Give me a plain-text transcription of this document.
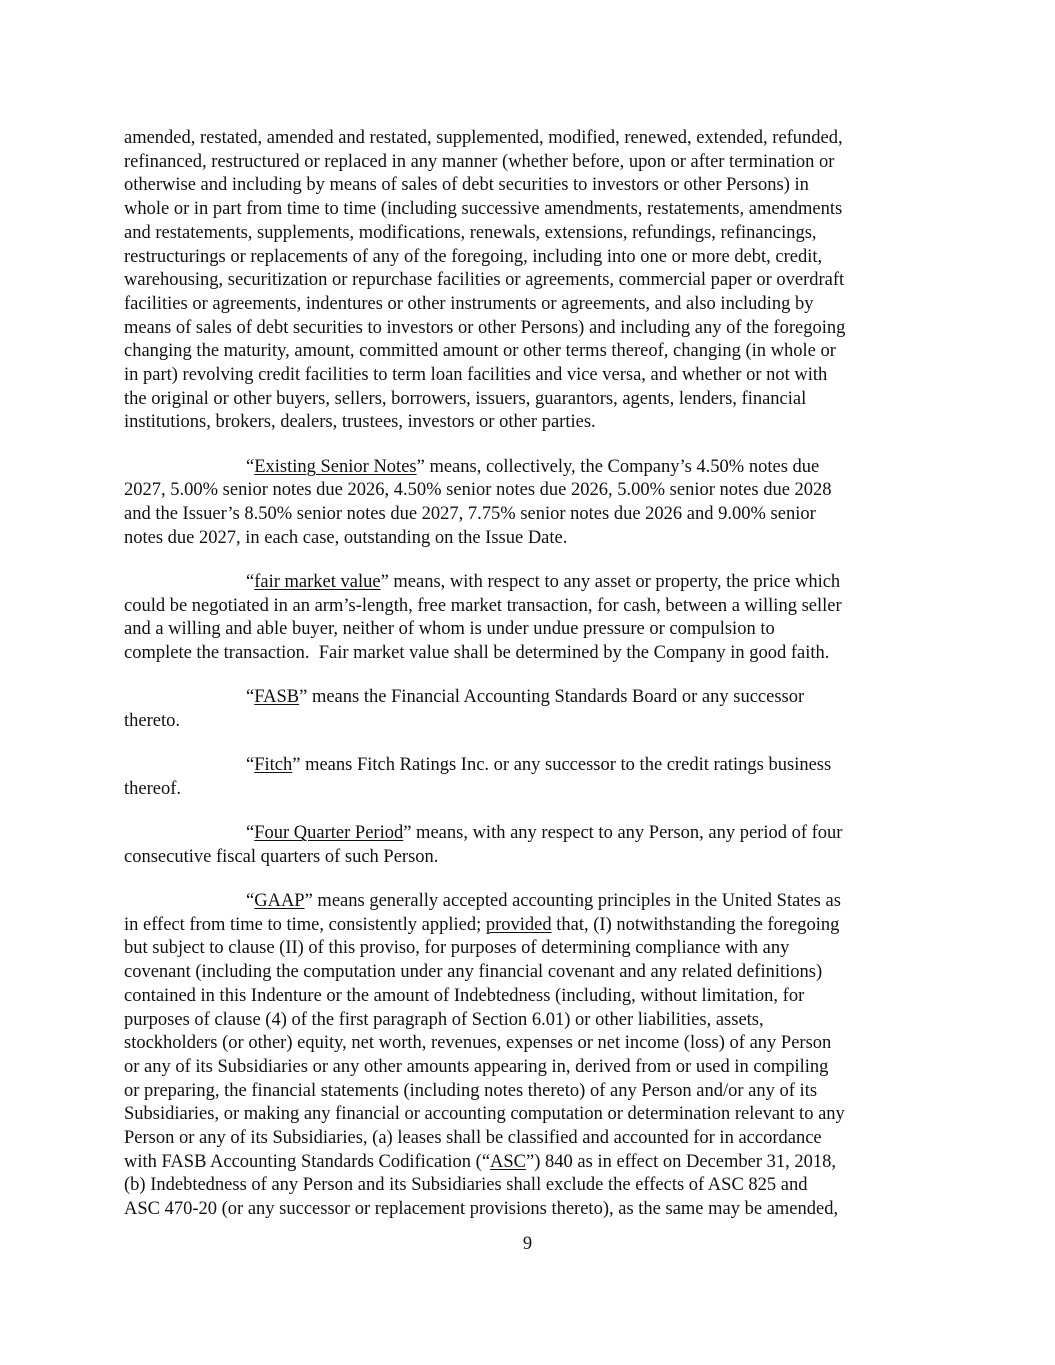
amended, restated, amended and restated, supplemented, modified, renewed, extended, refunded,
refinanced, restructured or replaced in any manner (whether before, upon or after termination or
otherwise and including by means of sales of debt securities to investors or other Persons) in
whole or in part from time to time (including successive amendments, restatements, amendments
and restatements, supplements, modifications, renewals, extensions, refundings, refinancings,
restructurings or replacements of any of the foregoing, including into one or more debt, credit,
warehousing, securitization or repurchase facilities or agreements, commercial paper or overdraft
facilities or agreements, indentures or other instruments or agreements, and also including by
means of sales of debt securities to investors or other Persons) and including any of the foregoing
changing the maturity, amount, committed amount or other terms thereof, changing (in whole or
in part) revolving credit facilities to term loan facilities and vice versa, and whether or not with
the original or other buyers, sellers, borrowers, issuers, guarantors, agents, lenders, financial
institutions, brokers, dealers, trustees, investors or other parties.
“Existing Senior Notes” means, collectively, the Company’s 4.50% notes due
2027, 5.00% senior notes due 2026, 4.50% senior notes due 2026, 5.00% senior notes due 2028
and the Issuer’s 8.50% senior notes due 2027, 7.75% senior notes due 2026 and 9.00% senior
notes due 2027, in each case, outstanding on the Issue Date.
“fair market value” means, with respect to any asset or property, the price which
could be negotiated in an arm’s-length, free market transaction, for cash, between a willing seller
and a willing and able buyer, neither of whom is under undue pressure or compulsion to
complete the transaction.  Fair market value shall be determined by the Company in good faith.
“FASB” means the Financial Accounting Standards Board or any successor
thereto.
“Fitch” means Fitch Ratings Inc. or any successor to the credit ratings business
thereof.
“Four Quarter Period” means, with any respect to any Person, any period of four
consecutive fiscal quarters of such Person.
“GAAP” means generally accepted accounting principles in the United States as
in effect from time to time, consistently applied; provided that, (I) notwithstanding the foregoing
but subject to clause (II) of this proviso, for purposes of determining compliance with any
covenant (including the computation under any financial covenant and any related definitions)
contained in this Indenture or the amount of Indebtedness (including, without limitation, for
purposes of clause (4) of the first paragraph of Section 6.01) or other liabilities, assets,
stockholders (or other) equity, net worth, revenues, expenses or net income (loss) of any Person
or any of its Subsidiaries or any other amounts appearing in, derived from or used in compiling
or preparing, the financial statements (including notes thereto) of any Person and/or any of its
Subsidiaries, or making any financial or accounting computation or determination relevant to any
Person or any of its Subsidiaries, (a) leases shall be classified and accounted for in accordance
with FASB Accounting Standards Codification (“ASC”) 840 as in effect on December 31, 2018,
(b) Indebtedness of any Person and its Subsidiaries shall exclude the effects of ASC 825 and
ASC 470-20 (or any successor or replacement provisions thereto), as the same may be amended,
9
